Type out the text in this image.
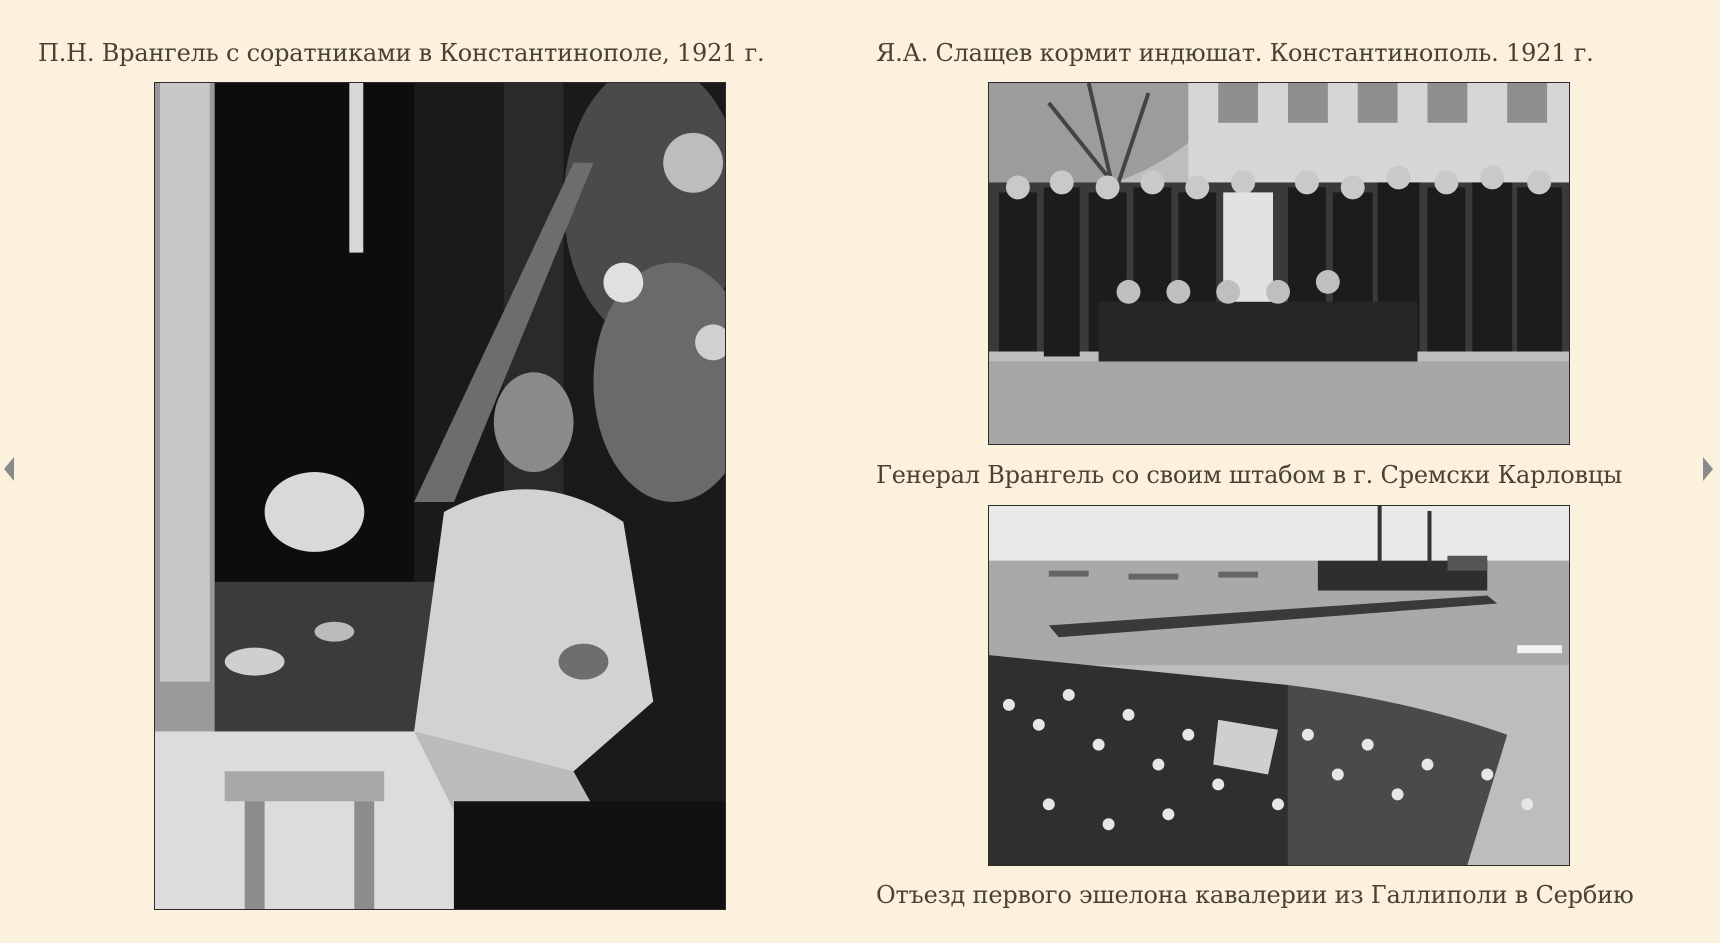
П.Н. Врангель с соратниками в Константинополе, 1921 г.	Я.А. Слащев кормит индюшат. Константинополь. 1921 г.
Генерал Врангель со своим штабом в г. Сремски Карловцы
Отъезд первого эшелона кавалерии из Галлиполи в Сербию
